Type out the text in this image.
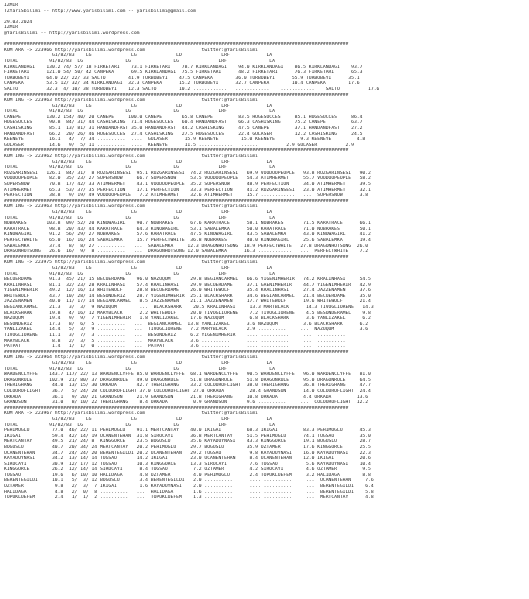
IZMIR
TZYariSbilimi -- http://www.yarisbilimi.com -- yarisbilimi@gmail.com

29.03.2024
IZMIR
@YarisBilimi -- http://yarisbilimi.wordpress.com

##########################################################################################################################
KUM ARA -> 223966 http://yarisbilimi.wordpress.com                    twitter:@YarisBilimi
G1/82/83    LG              LG              LD              LRF             LA
TOTAL           91/82/83  LG               LG               LG              LRF               LA
KIRKLANDAGI    130.2 74/ 57/ 18 FIRKETARI    73.1 FIRKETARI    78.7 KIRKLANDAGI    94.0 KIRKLANDAGI    86.5 KIRKLANDAGI    93.7
FIRKETARI      121.0 54/ 50/ 42 CANPEKA      69.5 KIRKLANDAGI  75.5 FIRKETARI      48.2 FIRKETARI      76.3 FIRKETARI      65.3
TURBOBEYI      64.0 22/ 22/ 33 SALTO        41.9 TURBOBEYI    47.5 CANPEKA        36.0 TURBOBEYI      55.9 TURBOBEYI      35.1
CANPEKA        53.5 12/ 32/ 34 KIRKLANDAGI  32.3 CANPEKA      15.2 TURBOBEYI      32.7 CANPEKA        10.4 CANPEKA        17.6
SALTO          32.3  4/ 10/ 38 TURBOBEYI    12.3 SALTO        10.2 ............   ............    ............    SALTO          17.6
##########################################################################################################################
KUM ING -> 223963 http://yarisbilimi.wordpress.com                    twitter:@YarisBilimi
G1/82/83    LG              LG              LD              LRF             LA
TOTAL           91/82/83  LG               LG               LG              LRF               LA
CANEPE         130.2 154/ 40/ 20 CANEPE     100.0 CANEPE       65.8 CANEPE         83.5 HUGESUCCES     85.1 HUGESUCCES     86.4
HUGESUCCES      90.8  84/ 31/ 44 CASHISKING  71.4 HUGESUCCES   60.4 HANDANDFAST    66.3 CASHISKING     75.2 CANEPE         63.7
CASHISKING      85.1  13/ 81/ 31 HANDANDFAST 35.0 HANDANDFAST  44.2 CASHISKING     47.5 CANEPE         37.1 HANDANDFAST    27.2
HANDANDFAST     66.2  20/ 26/ 46 HUGESUCCES  27.4 CASHISKING   27.5 HUGESUCCES     22.4 GULASER        12.2 CASHISKING     24.5
KEENEYE         16.1   4/  7/ 34 ..........  ....  GULASER      15.9 KEENEYE        15.0 KEENEYE         9.3 KEENEYE         4.8
GULASER         14.6   9/  5/ 11 ..........  ....  KEENEYE      11.5 ............   ......          2.9 GULASER          2.9
##########################################################################################################################
KUM ING -> 223962 http://yarisbilimi.wordpress.com                    twitter:@YarisBilimi
G1/82/83    LG              LG              LD              LRF             LA
TOTAL           91/82/83  LG               LG               LG              LRF               LA
RUZGARINSESI   126.1  84/ 31/  8 RUZGARINSESI  95.1 RUZGARINSESI  74.2 RUZGARINSESI   69.9 VOODOOPEOPLE   93.8 RUZGARINSESI   90.2
VOODOOPEOPLE    82.0  35/ 23/ 27 SUPERSNOW     66.7 SUPERSNOW     53.5 VOODOOPEOPLE   54.3 ATIMHERMET     55.7 VOODOOPEOPLE   58.2
SUPERSNOW       70.8  17/ 42/ 33 ATIMHERMET    43.1 VOODOOPEOPLE  35.2 SUPERSNOW      48.9 PERFECTION     34.0 ATIMHERMET     39.5
ATIMHERMET      65.3  53/ 37/ 35 PERFECTION    17.1 PERFECTION    33.3 PERFECTION     41.2 RUZGARINSESI   23.0 ATIMHERMET     32.1
PERFECTION      38.8   9/ 19/ 49 VOODOOPEOPLE   7.2 ATIMHERMET    32.6 ATIMHERMET     15.7 ............   ...  SUPERSNOW      3.8
##########################################################################################################################
KUM ING -> 223963 http://yarisbilimi.wordpress.com                    twitter:@YarisBilimi
G1/82/83    LG              LG              LD              LRF             LA
TOTAL           91/82/83  LG               LG               LG              LRF               LA
NOBRAKES       103.8  09/ 52/ 20 KINOWAGIRL    90.7 NOBRAKES      67.6 KARATRACE      58.1 NOBRAKES       71.5 KARATRACE      66.1
KARATRACE       98.8  20/ 43/ 44 KARATRACE     64.3 KINOWAGIRL    53.1 SABALEMKA      50.0 KARATRACE      71.0 NOBRAKES       50.1
KINOWAGIRL      91.2  56/ 29/ 27 NOBRAKES      57.6 KARATRACE     47.5 KINOWAGIRL     43.5 SABALEMKA      43.0 KINOWAGIRL     41.2
PERFECTWHITE    65.0  16/ 16/ 24 SABALEMKA     15.7 PERFECTWHITE  36.8 NOBRAKES       40.0 KINOWAGIRL     25.6 SABALEMKA      19.4
SABALEMKA       37.4   8/  8/ 27 ..........   ...  SABALEMKA     12.3 DRAGONHOTSONG  18.9 PERFECTWHITE   27.8 DRAGONHOTSONG  26.0
DRAGONHOTSONG   26.6  16/  9/  8 ..........   ...  DRAGONHOTSONG 12.0 SABALEMKA      16.3 ............   ...  PERFECTWHITE    7.2
##########################################################################################################################
KUM ING -> 223975 http://yarisbilimi.wordpress.com                    twitter:@YarisBilimi
G1/82/83    LG              LG              LD              LRF             LA
TOTAL           91/82/83  LG               LG               LG              LRF               LA
BECUERDAME      91.3  45/ 21/ 15 BECUERDAME    96.0 NAZUQUM       29.8 BEGIANCARMEL   66.6 YIGENIMHERIR   74.2 KRALINHASI     54.5
KRALINHASI      81.1  32/ 23/ 28 KRALINHASI    57.4 KRALINHASI    29.9 BECUERDAME     37.1 GAENIMHERIR    44.7 YIGENIMHERIR   42.9
YIGENIMHERIR    49.2  12/ 16/ 13 WHITEWOLF     28.8 BECUERDAME    26.0 WHITEWOLF      35.4 KRALINHASI     27.4 JAZZENAMEN     37.6
WHITEWOLF       43.7  10/ 28/ 14 BESONDERIZ    28.7 YIGENIMHERIR  25.1 BLACKSHARK     34.6 BEGIANCARMEL   21.4 BECUERDAME     35.0
JAZZENAMEN      40.0  11/ 17/ 14 BEGIANCARMEL   8.5 JAZZENAMEN    21.1 JAZZENAMEN     17.7 WHITEWOLF      19.6 WHITEWOLF      21.4
BEGIANCARMEL    21.3   3/  3/  9 NAZUQUM        ...  BLACKSHARK    20.5 KRALINHASI     13.3 MARTBLACK      14.3 TIVOGLIORENE   14.3
BLACKSHARK      19.8   4/ 16/ 12 MARYBLACK      2.2 WHITEWOLF     20.0 TIVOGLIORENE    7.2 TIVOGLIORENE    4.5 BESONDERAMEL    9.8
NAZUQUM         19.4   9/  9/  7 YIGENIMHERIR   1.8 YANLIZAKEL    17.6 NAZUQUM         6.8 BLACKSHARK      3.6 YANLIZAKEL      6.2
BESONDERIZ      17.3   8/  6/  5 ..........   ...  BEGIANCARMEL  13.8 YANLIZAKEL      3.6 NAZUQUM         3.6 BLACKSHARK      6.2
YANLIZAKEL      14.4   5/  3/  9 ..........   ...  TIVOGLIORENE   7.2 MARYBLACK       2.9 ..........     ...  NAZUQUM         3.6
TIVOGLIORENE    11.1   3/  7/  3 ..........   ...  BESONDERIZ     6.2 YIGENIMHERIR    .... ..........     ...  ..........
MARYBLACK        8.8   2/  3/  5 ..........   ...  MARYBLACK      3.6 ..........      .... ..........     ...  ..........
PATPAT           1.4   1/  1/  0 ..........   ...  PATPAT         3.6 ..........      .... ..........     ...  ..........
##########################################################################################################################
KUM ING -> 223964 http://yarisbilimi.wordpress.com                    twitter:@YarisBilimi
G1/82/83    LG              LG              LD              LRF             LA
TOTAL           91/82/83  LG               LG               LG              LRF               LA
WARDENCLYFFE    143.7 117/ 22/ 13 WARDENCLYFFE 85.0 WARDENCLYFFE  68.1 WARDENCLYFFE   90.5 WARDENCLYFFE   96.0 WARDENCLYFFE   81.0
DRAGONRULE      102.9  21/ 80/ 37 DRAGONRULE   49.0 DRAGONRULE    51.8 DRAGONRULE     51.8 DRAGONRULE     95.0 DRAGONRULE     64.5
THERIGHANG       44.0  13/ 15/ 30 ORKADA       42.7 THERIGHANG    33.2 COLOUROFLIGHT  38.0 THERIGHANG     36.8 THERIGHANG     47.7
COLOUROFLIGHT    36.7   5/ 24/ 28 COLOUROFLIGHT 37.0 COLOUROFLIGHT 27.0 ORKADA         28.4 GRANDSUN      14.0 COLOUROFLIGHT  24.4
ORKADA           36.1   9/ 20/ 21 GRANDSUN     21.9 GRANDSUN      21.8 THERIGHANG     10.8 ORKADA         4.4 ORKADA         13.6
GRANDSUN         31.0   8/ 10/ 22 THERIGHANG    8.4 ORKADA         0.9 GRANDSUN       9.6 ..........     ...  COLOUROFLIGHT  12.2
##########################################################################################################################
KUM ARA -> 223967 http://yarisbilimi.wordpress.com                    twitter:@YarisBilimi
G1/82/83    LG              LG              LD              LRF             LA
TOTAL           91/82/83  LG               LG               LG              LRF               LA
PEHIMOGLU        77.0  46/ 22/ 11 PEHIMOGLU    91.1 MERTCANTAY    40.0 IKIGAI         68.3 IKIGAI         83.3 PEHIMOGLU      45.3
IKIGAI           59.4  42/ 14/ 19 UCANENTEHAN  31.8 SIROCAYI      36.8 MERTCANTAY     51.5 PEHIMOGLU      74.1 TUGSAO         35.0
MERTCANTAY       49.5  21/ 24/ 8  KINGGORCE    23.5 BOGUSLU       35.6 KAYADUYNASI    43.3 KINGGORCE      19.1 BOGUSLU        28.7
BOGUSLU          40.7  20/ 34/ 24 MERTCANTAY   20.2 PEHIMOGLU     29.7 BOGUSLU        35.9 OZTAMER        17.6 KINGGORCE      25.5
UCANENTEHAN      34.7  24/ 24/ 20 BERENTEGILDI 20.2 UCANENTEHAN   29.2 TUGSAO          9.8 KAYADUYNASI    16.0 KAYADUYNASI    22.3
KAYADUYNASI      34.2  13/ 14/ 14 TUGSAO       14.2 IKIGAI        23.0 UCANENTEHAN     8.4 UCANENTEHAN    12.0 IKIGAI         20.6
SIROCAYI         30.9  12/ 17/ 12 TUGSAO       10.3 KINGGORCE     13.3 SIROCAYI        7.6 TUGSAO          5.6 KAYADUYNASI    10.4
KINGGORCE        26.2  12/ 14/ 14 SIROCAYI      8.4 TUGSAO         7.2 OZTAMER         4.2 SIROCAYI        4.6 OZTAMER         9.5
TUGSAO           19.6   6/ 10/ 10 HALIDAGA      4.8 OZTAMER        4.0 PEHIMOGLU       2.4 TOPUKLUEFEM     3.2 HALIDAGA        8.8
BERENTEGILDI     10.1   5/  3/ 12 BOGUSLU       3.4 BERENTEGILDI   2.0 ..........      .... ..........     ...  UCANENTEHAN     7.6
OZTAMER           9.8   2/  3/  7 IKIGAI        1.6 KAYADUYNASI    2.0 ..........      .... ..........     ...  BERENTEGILDI    6.4
HALIDAGA          4.8   2/  0/  8 ..........   ...  HALIDAGA       1.6 ..........      .... ..........     ...  BERENTEGILDI    5.8
TOPUKLUEFEM       2.4   1/  1/  2 ..........   ...  TOPUKLUEFEM    1.3 ..........      .... ..........     ...  MERTCANTAY      4.8
